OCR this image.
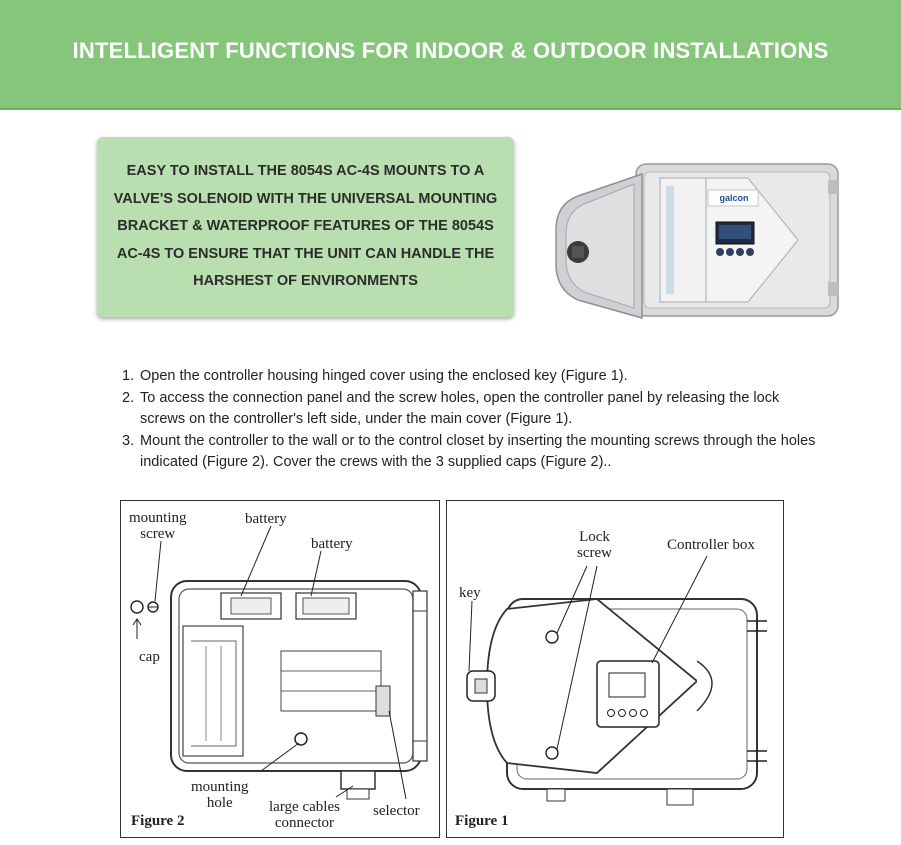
INTELLIGENT FUNCTIONS FOR INDOOR & OUTDOOR INSTALLATIONS

EASY TO INSTALL THE 8054S AC-4S MOUNTS TO A VALVE'S SOLENOID WITH THE UNIVERSAL MOUNTING BRACKET & WATERPROOF FEATURES OF THE 8054S AC-4S TO ENSURE THAT THE UNIT CAN HANDLE THE HARSHEST OF ENVIRONMENTS

galcon
1. Open the controller housing hinged cover using the enclosed key (Figure 1).
2. To access the connection panel and the screw holes, open the controller panel by releasing the lock screws on the controller's left side, under the main cover (Figure 1).
3. Mount the controller to the wall or to the control closet by inserting the mounting screws through the holes indicated (Figure 2). Cover the crews with the 3 supplied caps (Figure 2)..
mounting
screw
battery
battery
cap
mounting
hole	large cables
connector
selector
Figure 2
key
Lock
screw	Controller box
Figure 1
